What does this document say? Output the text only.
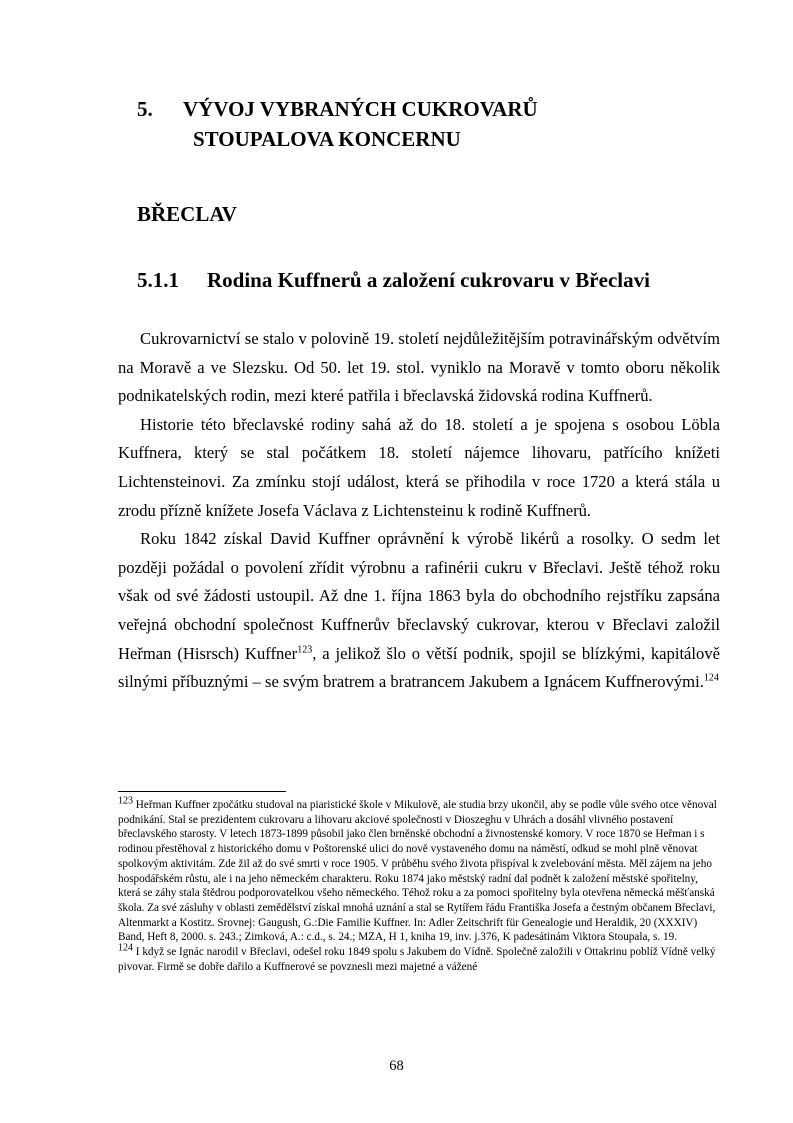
5. VÝVOJ VYBRANÝCH CUKROVARŮ
STOUPALOVA KONCERNU
BŘECLAV
5.1.1 Rodina Kuffnerů a založení cukrovaru v Břeclavi

Cukrovarnictví se stalo v polovině 19. století nejdůležitějším potravinářským odvětvím na Moravě a ve Slezsku. Od 50. let 19. stol. vyniklo na Moravě v tomto oboru několik podnikatelských rodin, mezi které patřila i břeclavská židovská rodina Kuffnerů.

Historie této břeclavské rodiny sahá až do 18. století a je spojena s osobou Löbla Kuffnera, který se stal počátkem 18. století nájemce lihovaru, patřícího knížeti Lichtensteinovi. Za zmínku stojí událost, která se přihodila v roce 1720 a která stála u zrodu přízně knížete Josefa Václava z Lichtensteinu k rodině Kuffnerů.

Roku 1842 získal David Kuffner oprávnění k výrobě likérů a rosolky. O sedm let později požádal o povolení zřídit výrobnu a rafinérii cukru v Břeclavi. Ještě téhož roku však od své žádosti ustoupil. Až dne 1. října 1863 byla do obchodního rejstříku zapsána veřejná obchodní společnost Kuffnerův břeclavský cukrovar, kterou v Břeclavi založil Heřman (Hisrsch) Kuffner$^{123}$, a jelikož šlo o větší podnik, spojil se blízkými, kapitálově silnými příbuznými – se svým bratrem a bratrancem Jakubem a Ignácem Kuffnerovými.$^{124}$

$^{123}$ Heřman Kuffner zpočátku studoval na piaristické škole v Mikulově, ale studia brzy ukončil, aby se podle vůle svého otce věnoval podnikání. Stal se prezidentem cukrovaru a lihovaru akciové společnosti v Dioszeghu v Uhrách a dosáhl vlivného postavení břeclavského starosty. V letech 1873-1899 působil jako člen brněnské obchodní a živnostenské komory. V roce 1870 se Heřman i s rodinou přestěhoval z historického domu v Poštorenské ulici do nově vystaveného domu na náměstí, odkud se mohl plně věnovat spolkovým aktivitám. Zde žil až do své smrti v roce 1905. V průběhu svého života přispíval k zvelebování města. Měl zájem na jeho hospodářském růstu, ale i na jeho německém charakteru. Roku 1874 jako městský radní dal podnět k založení městské spořitelny, která se záhy stala štědrou podporovatelkou všeho německého. Téhož roku a za pomoci spořitelny byla otevřena německá měšťanská škola. Za své zásluhy v oblasti zemědělství získal mnohá uznání a stal se Rytířem řádu Františka Josefa a čestným občanem Břeclavi, Altenmarkt a Kostitz. Srovnej: Gaugush, G.:Die Familie Kuffner. In: Adler Zeitschrift für Genealogie und Heraldik, 20 (XXXIV) Band, Heft 8, 2000. s. 243.; Zimková, A.: c.d., s. 24.; MZA, H 1, kniha 19, inv. j.376, K padesátinám Viktora Stoupala, s. 19.

$^{124}$ I když se Ignác narodil v Břeclavi, odešel roku 1849 spolu s Jakubem do Vídně. Společně založili v Ottakrinu poblíž Vídně velký pivovar. Firmě se dobře dařilo a Kuffnerové se povznesli mezi majetné a vážené

68
